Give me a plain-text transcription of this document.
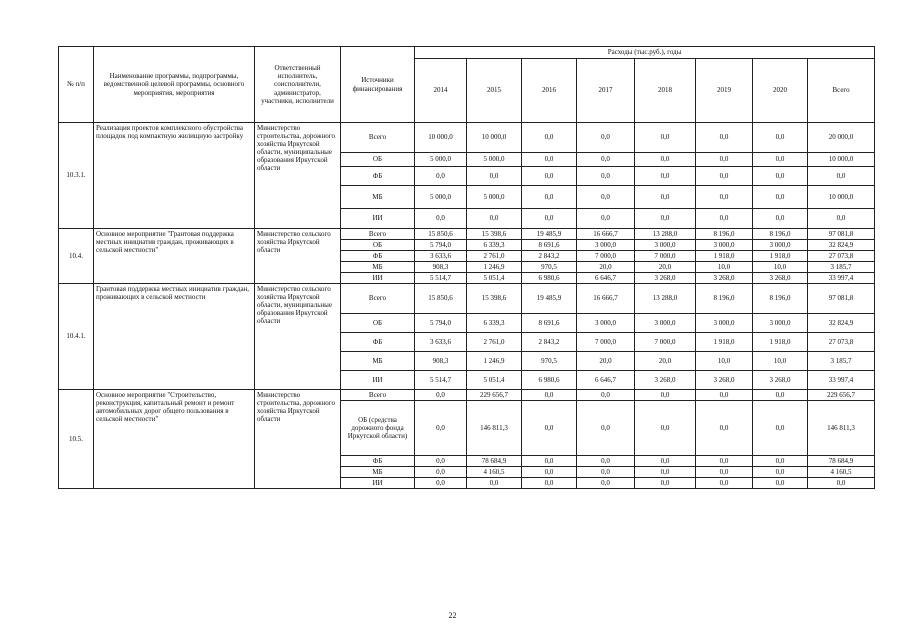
№ п/п	Наименование программы, подпрограммы, ведомственной целевой программы, основного мероприятия, мероприятия	Ответственный исполнитель, соисполнители, администратор, участники, исполнители	Источники финансирования	Расходы (тыс.руб.), годы							
				2014	2015	2016	2017	2018	2019	2020	Всего
10.3.1.	Реализация проектов комплексного обустройства площадок под компактную жилищную застройку	Министерство строительства, дорожного хозяйства Иркутской области, муниципальные образования Иркутской области	Всего	10 000,0	10 000,0	0,0	0,0	0,0	0,0	0,0	20 000,0
			ОБ	5 000,0	5 000,0	0,0	0,0	0,0	0,0	0,0	10 000,0
			ФБ	0,0	0,0	0,0	0,0	0,0	0,0	0,0	0,0
			МБ	5 000,0	5 000,0	0,0	0,0	0,0	0,0	0,0	10 000,0
			ИИ	0,0	0,0	0,0	0,0	0,0	0,0	0,0	0,0
10.4.	Основное мероприятие "Грантовая поддержка местных инициатив граждан, проживающих в сельской местности"	Министерство сельского хозяйства Иркутской области	Всего	15 850,6	15 398,6	19 485,9	16 666,7	13 288,0	8 196,0	8 196,0	97 081,8
			ОБ	5 794,0	6 339,3	8 691,6	3 000,0	3 000,0	3 000,0	3 000,0	32 824,9
			ФБ	3 633,6	2 761,0	2 843,2	7 000,0	7 000,0	1 918,0	1 918,0	27 073,8
			МБ	908,3	1 246,9	970,5	20,0	20,0	10,0	10,0	3 185,7
			ИИ	5 514,7	5 051,4	6 980,6	6 646,7	3 268,0	3 268,0	3 268,0	33 997,4
10.4.1.	Грантовая поддержка местных инициатив граждан, проживающих в сельской местности	Министерство сельского хозяйства Иркутской области, муниципальные образования Иркутской области	Всего	15 850,6	15 398,6	19 485,9	16 666,7	13 288,0	8 196,0	8 196,0	97 081,8
			ОБ	5 794,0	6 339,3	8 691,6	3 000,0	3 000,0	3 000,0	3 000,0	32 824,9
			ФБ	3 633,6	2 761,0	2 843,2	7 000,0	7 000,0	1 918,0	1 918,0	27 073,8
			МБ	908,3	1 246,9	970,5	20,0	20,0	10,0	10,0	3 185,7
			ИИ	5 514,7	5 051,4	6 980,6	6 646,7	3 268,0	3 268,0	3 268,0	33 997,4
10.5.	Основное мероприятие "Строительство, реконструкция, капитальный ремонт и ремонт автомобильных дорог общего пользования в сельской местности"	Министерство строительства, дорожного хозяйства Иркутской области	Всего	0,0	229 656,7	0,0	0,0	0,0	0,0	0,0	229 656,7
			ОБ (средства дорожного фонда Иркутской области)	0,0	146 811,3	0,0	0,0	0,0	0,0	0,0	146 811,3
			ФБ	0,0	78 684,9	0,0	0,0	0,0	0,0	0,0	78 684,9
			МБ	0,0	4 160,5	0,0	0,0	0,0	0,0	0,0	4 160,5
			ИИ	0,0	0,0	0,0	0,0	0,0	0,0	0,0	0,0
22
